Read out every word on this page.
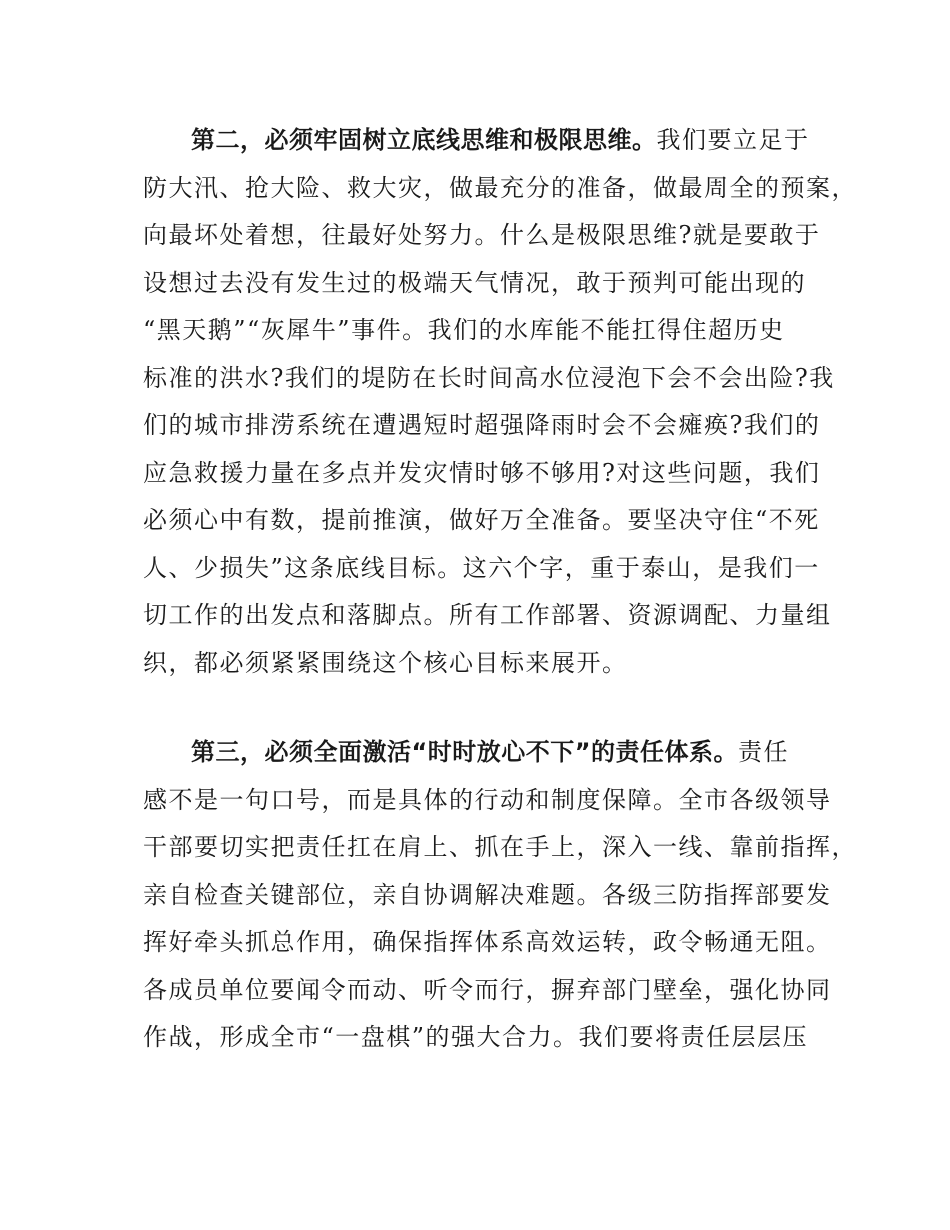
第二，必须牢固树立底线思维和极限思维。我们要立足于
防大汛、抢大险、救大灾，做最充分的准备，做最周全的预案，
向最坏处着想，往最好处努力。什么是极限思维?就是要敢于
设想过去没有发生过的极端天气情况，敢于预判可能出现的
“黑天鹅”“灰犀牛”事件。我们的水库能不能扛得住超历史
标准的洪水?我们的堤防在长时间高水位浸泡下会不会出险?我
们的城市排涝系统在遭遇短时超强降雨时会不会瘫痪?我们的
应急救援力量在多点并发灾情时够不够用?对这些问题，我们
必须心中有数，提前推演，做好万全准备。要坚决守住“不死
人、少损失”这条底线目标。这六个字，重于泰山，是我们一
切工作的出发点和落脚点。所有工作部署、资源调配、力量组
织，都必须紧紧围绕这个核心目标来展开。

第三，必须全面激活“时时放心不下”的责任体系。责任
感不是一句口号，而是具体的行动和制度保障。全市各级领导
干部要切实把责任扛在肩上、抓在手上，深入一线、靠前指挥，
亲自检查关键部位，亲自协调解决难题。各级三防指挥部要发
挥好牵头抓总作用，确保指挥体系高效运转，政令畅通无阻。
各成员单位要闻令而动、听令而行，摒弃部门壁垒，强化协同
作战，形成全市“一盘棋”的强大合力。我们要将责任层层压
